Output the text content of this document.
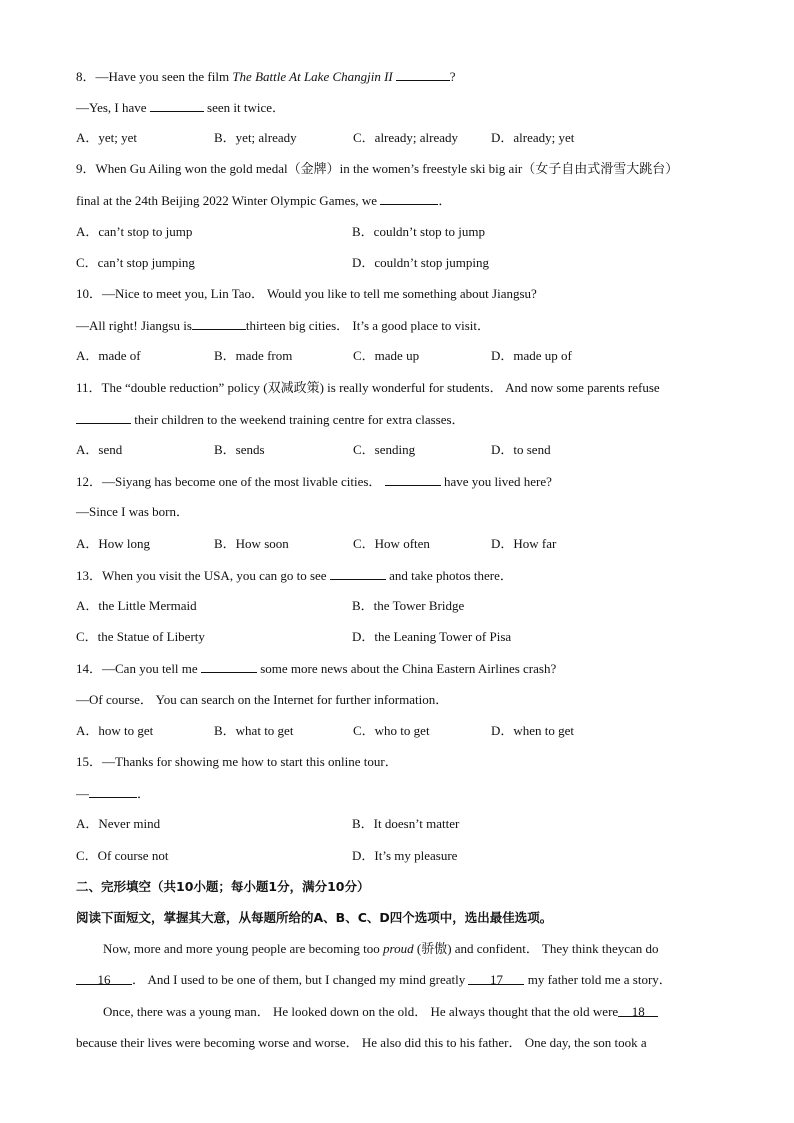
8．—Have you seen the film The Battle At Lake Changjin II	?
—Yes, I have	seen it twice．
A．yet; yet	B．yet; already	C．already; already	D．already; yet
9．When Gu Ailing won the gold medal（金牌）in the women’s freestyle ski big air（女子自由式滑雪大跳台）
final at the 24th Beijing 2022 Winter Olympic Games, we	．
A．can’t stop to jump	B．couldn’t stop to jump
C．can’t stop jumping	D．couldn’t stop jumping
10．—Nice to meet you, Lin Tao． Would you like to tell me something about Jiangsu?
—All right! Jiangsu is	thirteen big cities． It’s a good place to visit．
A．made of	B．made from	C．made up	D．made up of
11．The “double reduction” policy (双减政策) is really wonderful for students． And now some parents refuse
their children to the weekend training centre for extra classes．
A．send	B．sends	C．sending	D．to send
12．—Siyang has become one of the most livable cities．	have you lived here?
—Since I was born．
A．How long	B．How soon	C．How often	D．How far
13．When you visit the USA, you can go to see	and take photos there．
A．the Little Mermaid	B．the Tower Bridge
C．the Statue of Liberty	D．the Leaning Tower of Pisa
14．—Can you tell me	some more news about the China Eastern Airlines crash?
—Of course． You can search on the Internet for further information．
A．how to get	B．what to get	C．who to get	D．when to get
15．—Thanks for showing me how to start this online tour．
—	．
A．Never mind	B．It doesn’t matter
C．Of course not	D．It’s my pleasure
二、完形填空（共10小题；每小题1分，满分10分）
阅读下面短文，掌握其大意，从每题所给的A、B、C、D四个选项中，选出最佳选项。
Now, more and more young people are becoming too proud (骄傲) and confident． They think theycan do
16 ． And I used to be one of them, but I changed my mind greatly 17 my father told me a story．
Once, there was a young man． He looked down on the old． He always thought that the old were 18
because their lives were becoming worse and worse． He also did this to his father． One day, the son took a
